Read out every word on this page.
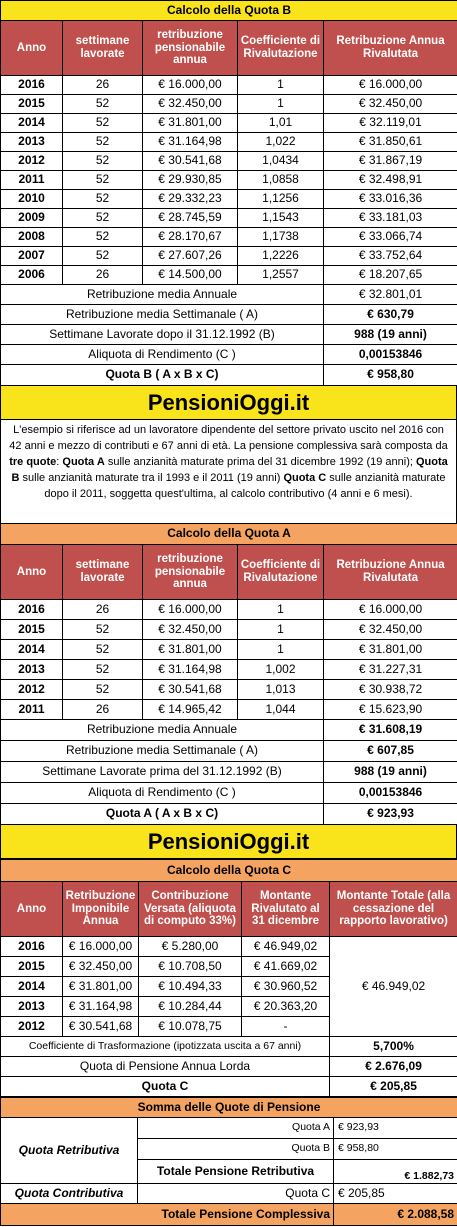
Calcolo della Quota B				
Anno	settimane lavorate	retribuzione pensionabile annua	Coefficiente di Rivalutazione	Retribuzione Annua Rivalutata
2016	26	€ 16.000,00	1	€ 16.000,00
2015	52	€ 32.450,00	1	€ 32.450,00
2014	52	€ 31.801,00	1,01	€ 32.119,01
2013	52	€ 31.164,98	1,022	€ 31.850,61
2012	52	€ 30.541,68	1,0434	€ 31.867,19
2011	52	€ 29.930,85	1,0858	€ 32.498,91
2010	52	€ 29.332,23	1,1256	€ 33.016,36
2009	52	€ 28.745,59	1,1543	€ 33.181,03
2008	52	€ 28.170,67	1,1738	€ 33.066,74
2007	52	€ 27.607,26	1,2226	€ 33.752,64
2006	26	€ 14.500,00	1,2557	€ 18.207,65
Retribuzione media Annuale				€ 32.801,01
Retribuzione media Settimanale ( A)				€ 630,79
Settimane Lavorate dopo il 31.12.1992 (B)				988 (19 anni)
Aliquota di Rendimento (C )				0,00153846
Quota B ( A x B x C)				€ 958,80
PensioniOggi.it
L'esempio si riferisce ad un lavoratore dipendente del settore privato uscito nel 2016 con 42 anni e mezzo di contributi e 67 anni di età. La pensione complessiva sarà composta da tre quote: Quota A sulle anzianità maturate prima del 31 dicembre 1992 (19 anni); Quota B sulle anzianità maturate tra il 1993 e il 2011 (19 anni) Quota C sulle anzianità maturate dopo il 2011, soggetta quest'ultima, al calcolo contributivo (4 anni e 6 mesi).
Calcolo della Quota A				
Anno	settimane lavorate	retribuzione pensionabile annua	Coefficiente di Rivalutazione	Retribuzione Annua Rivalutata
2016	26	€ 16.000,00	1	€ 16.000,00
2015	52	€ 32.450,00	1	€ 32.450,00
2014	52	€ 31.801,00	1	€ 31.801,00
2013	52	€ 31.164,98	1,002	€ 31.227,31
2012	52	€ 30.541,68	1,013	€ 30.938,72
2011	26	€ 14.965,42	1,044	€ 15.623,90
Retribuzione media Annuale				€ 31.608,19
Retribuzione media Settimanale ( A)				€ 607,85
Settimane Lavorate prima del 31.12.1992 (B)				988 (19 anni)
Aliquota di Rendimento (C )				0,00153846
Quota A ( A x B x C)				€ 923,93
PensioniOggi.it
Calcolo della Quota C				
Anno	Retribuzione Imponibile Annua	Contribuzione Versata (aliquota di computo 33%)	Montante Rivalutato al 31 dicembre	Montante Totale (alla cessazione del rapporto lavorativo)
2016	€ 16.000,00	€ 5.280,00	€ 46.949,02	€ 46.949,02
2015	€ 32.450,00	€ 10.708,50	€ 41.669,02	
2014	€ 31.801,00	€ 10.494,33	€ 30.960,52	
2013	€ 31.164,98	€ 10.284,44	€ 20.363,20	
2012	€ 30.541,68	€ 10.078,75	-	
Coefficiente di Trasformazione (ipotizzata uscita a 67 anni)				5,700%
Quota di Pensione Annua Lorda				€ 2.676,09
Quota C				€ 205,85
Somma delle Quote di Pensione		
Quota Retributiva	Quota A	€ 923,93
	Quota B	€ 958,80
	Totale Pensione Retributiva	€ 1.882,73
Quota Contributiva	Quota C	€ 205,85
Totale Pensione Complessiva		€ 2.088,58
